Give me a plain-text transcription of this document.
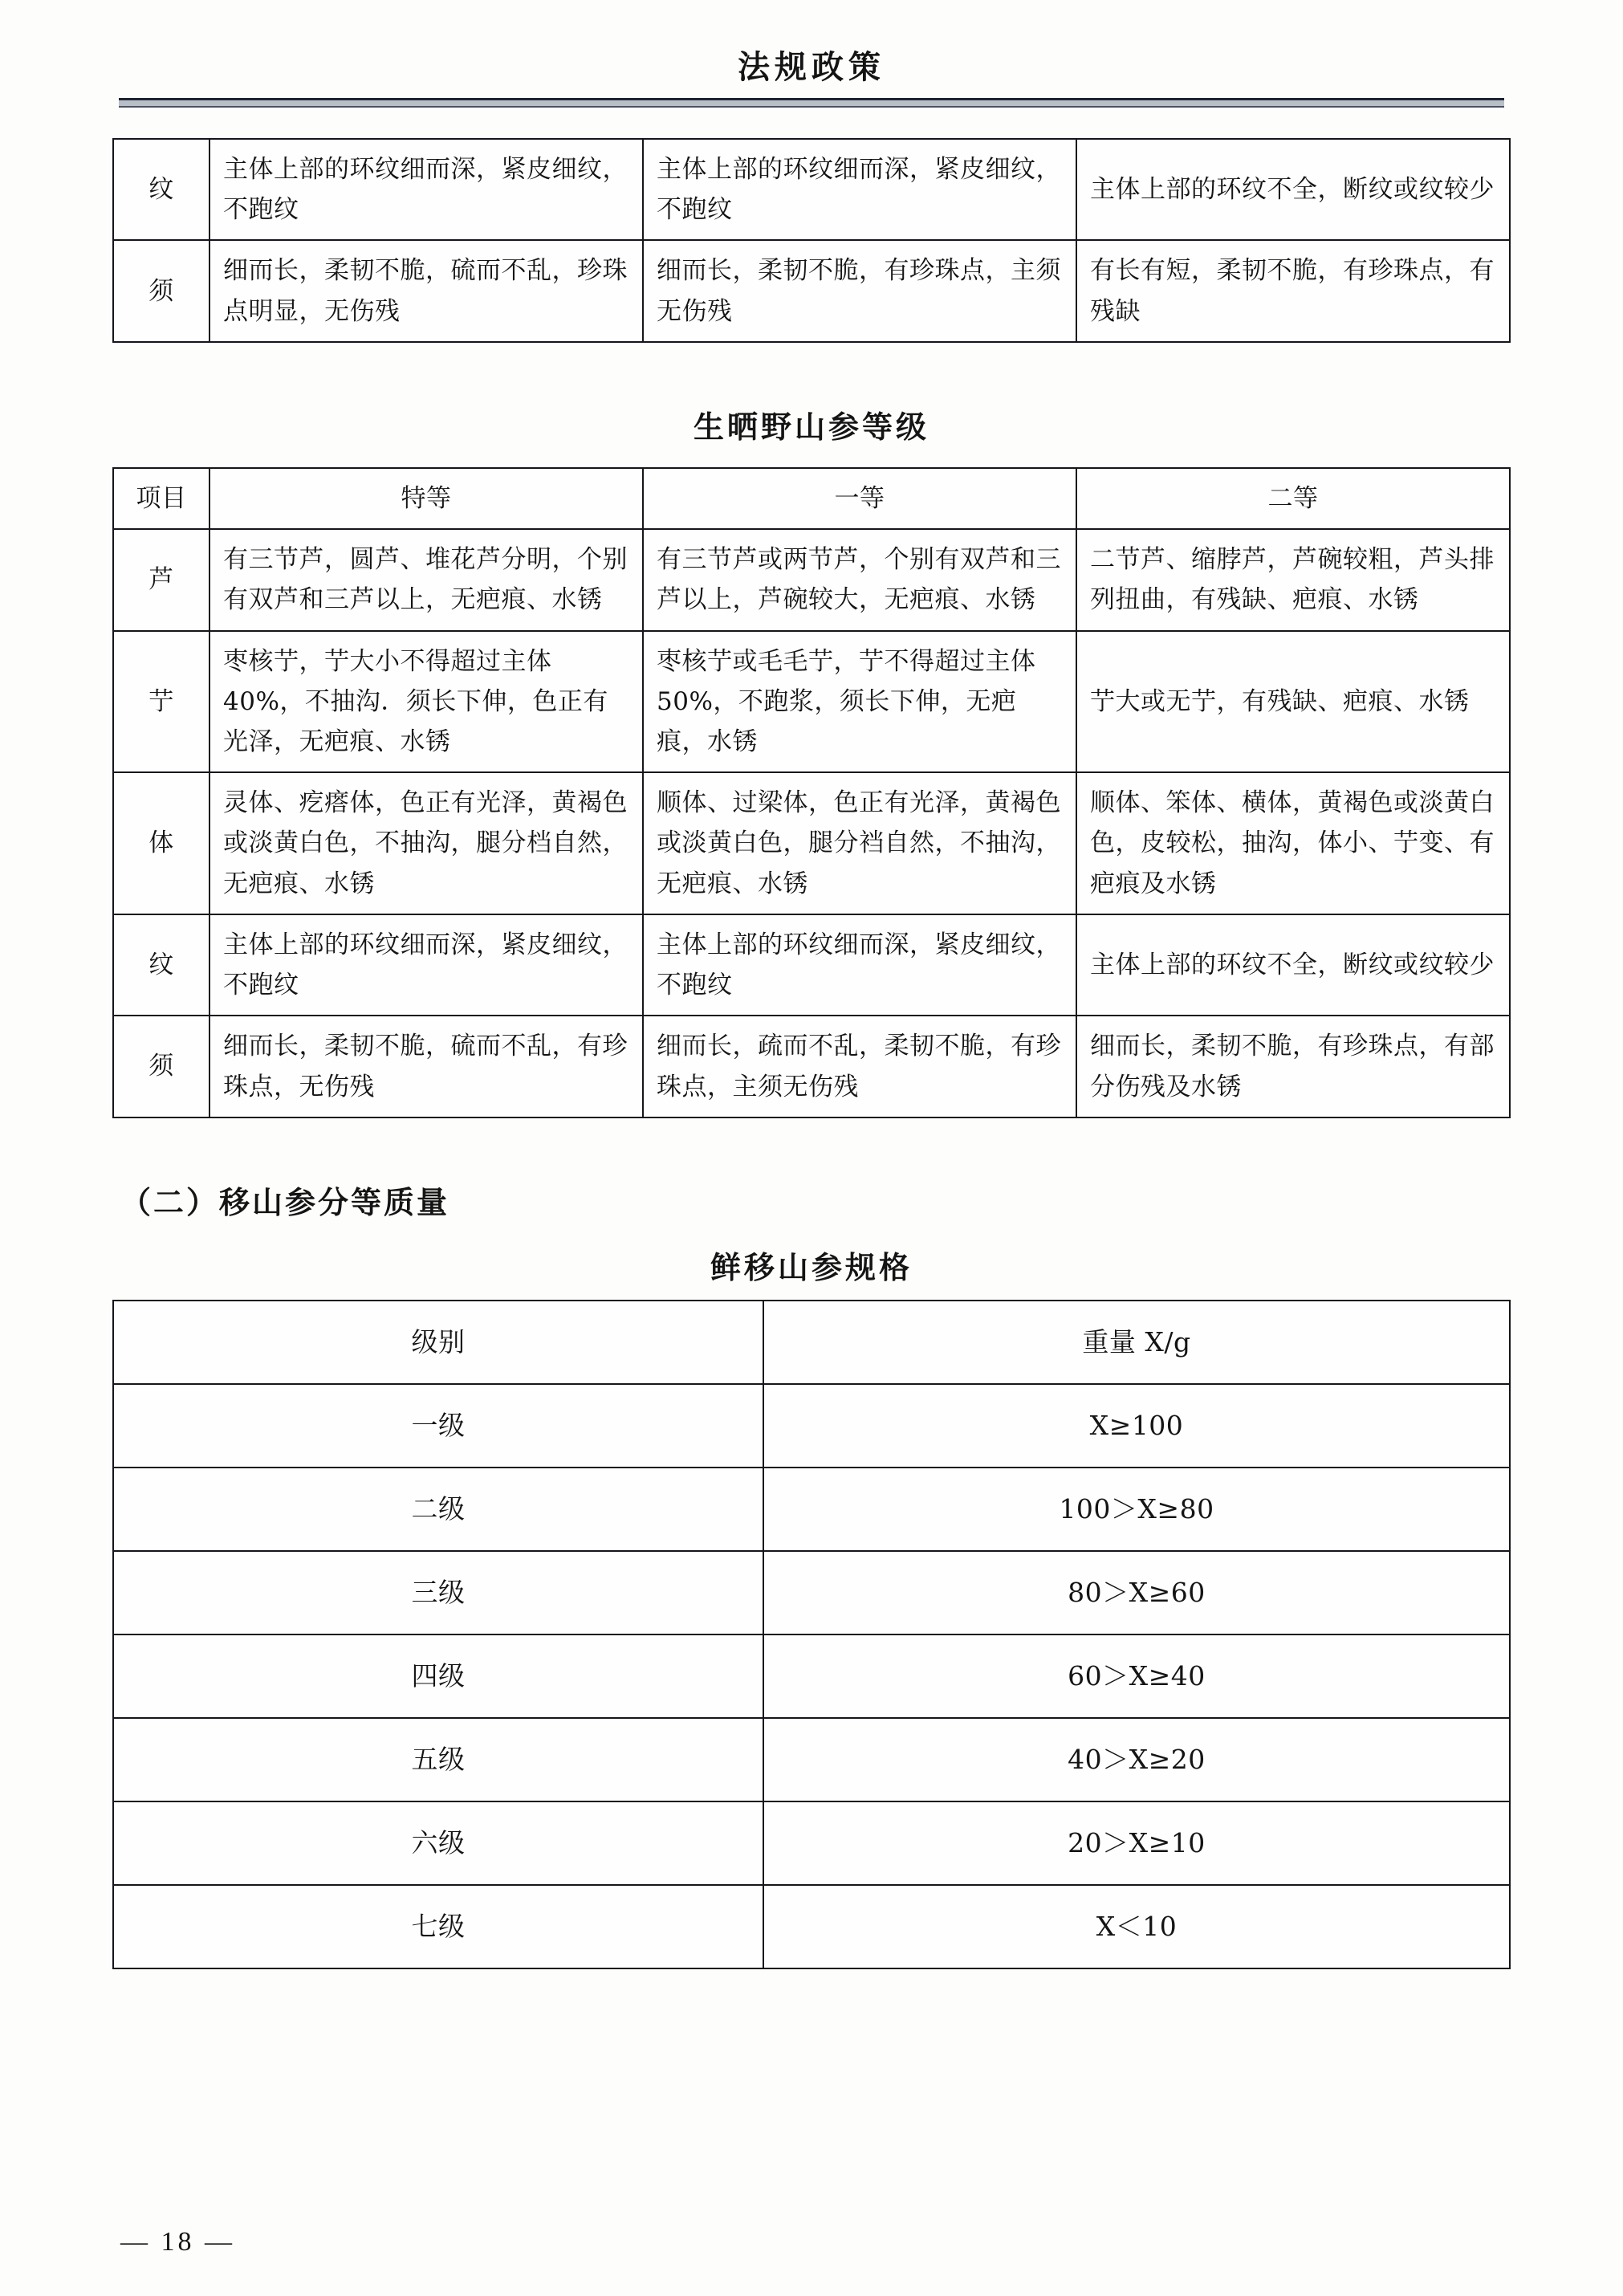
法规政策
纹	主体上部的环纹细而深，紧皮细纹，不跑纹	主体上部的环纹细而深，紧皮细纹，不跑纹	主体上部的环纹不全，断纹或纹较少
须	细而长，柔韧不脆，硫而不乱，珍珠点明显，无伤残	细而长，柔韧不脆，有珍珠点，主须无伤残	有长有短，柔韧不脆，有珍珠点，有残缺
生晒野山参等级
项目	特等	一等	二等
芦	有三节芦，圆芦、堆花芦分明，个别有双芦和三芦以上，无疤痕、水锈	有三节芦或两节芦，个别有双芦和三芦以上，芦碗较大，无疤痕、水锈	二节芦、缩脖芦，芦碗较粗，芦头排列扭曲，有残缺、疤痕、水锈
艼	枣核艼，艼大小不得超过主体 40%，不抽沟．须长下伸，色正有光泽，无疤痕、水锈	枣核艼或毛毛艼，艼不得超过主体 50%，不跑浆，须长下伸，无疤痕，水锈	艼大或无艼，有残缺、疤痕、水锈
体	灵体、疙瘩体，色正有光泽，黄褐色或淡黄白色，不抽沟，腿分档自然，无疤痕、水锈	顺体、过梁体，色正有光泽，黄褐色或淡黄白色，腿分裆自然，不抽沟，无疤痕、水锈	顺体、笨体、横体，黄褐色或淡黄白色，皮较松，抽沟，体小、艼变、有疤痕及水锈
纹	主体上部的环纹细而深，紧皮细纹，不跑纹	主体上部的环纹细而深，紧皮细纹，不跑纹	主体上部的环纹不全，断纹或纹较少
须	细而长，柔韧不脆，硫而不乱，有珍珠点，无伤残	细而长，疏而不乱，柔韧不脆，有珍珠点，主须无伤残	细而长，柔韧不脆，有珍珠点，有部分伤残及水锈
（二）移山参分等质量
鲜移山参规格
级别	重量 X/g
一级	X≥100
二级	100＞X≥80
三级	80＞X≥60
四级	60＞X≥40
五级	40＞X≥20
六级	20＞X≥10
七级	X＜10
— 18 —
